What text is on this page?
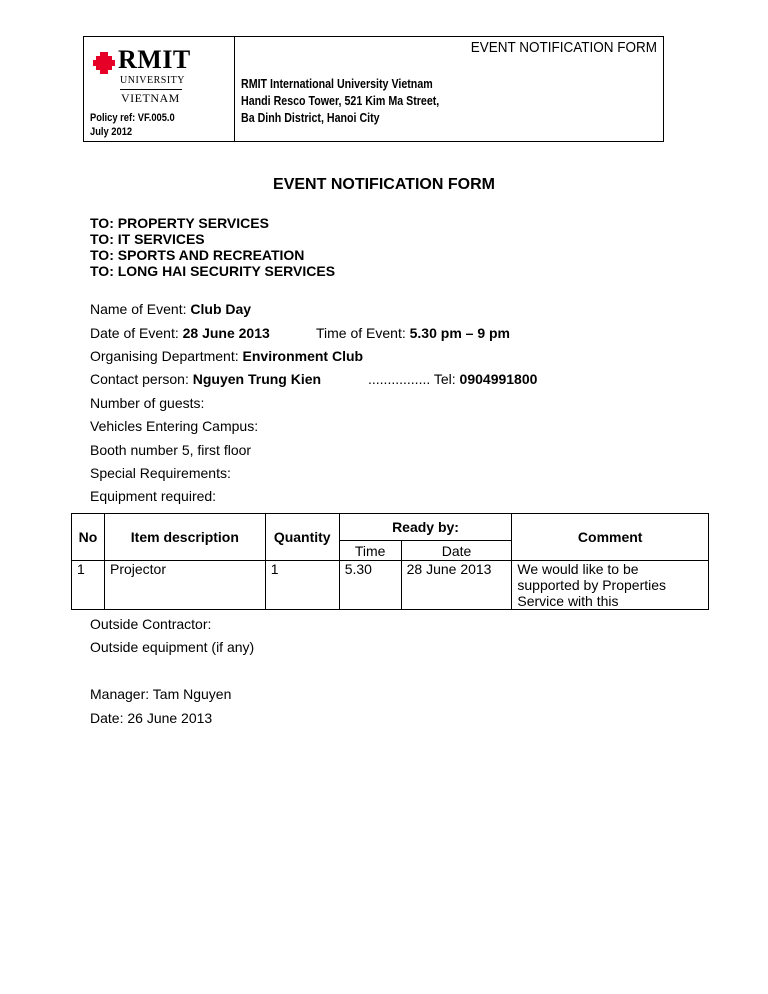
RMIT
UNIVERSITY
VIETNAM
Policy ref: VF.005.0
July 2012
EVENT NOTIFICATION FORM
RMIT International University Vietnam
Handi Resco Tower, 521 Kim Ma Street,
Ba Dinh District, Hanoi City
EVENT NOTIFICATION FORM
TO: PROPERTY SERVICES
TO: IT SERVICES
TO: SPORTS AND RECREATION
TO: LONG HAI SECURITY SERVICES
Name of Event: Club Day
Date of Event: 28 June 2013	Time of Event: 5.30 pm – 9 pm
Organising Department: Environment Club
Contact person: Nguyen Trung Kien	................ Tel: 0904991800
Number of guests:
Vehicles Entering Campus:
Booth number 5, first floor
Special Requirements:
Equipment required:
No	Item description	Quantity	Ready by:		Comment
			Time	Date	
1	Projector	1	5.30	28 June 2013	We would like to be
supported by Properties
Service with this
Outside Contractor:
Outside equipment (if any)
Manager: Tam Nguyen
Date: 26 June 2013
